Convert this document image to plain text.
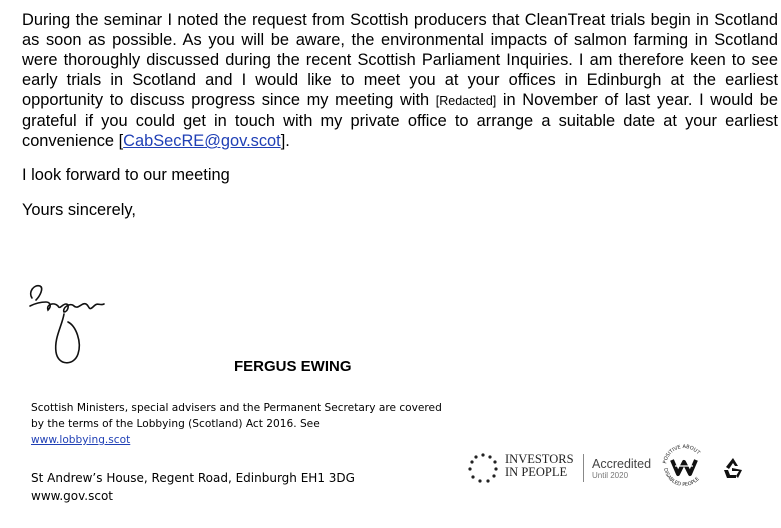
During the seminar I noted the request from Scottish producers that CleanTreat trials begin in Scotland as soon as possible. As you will be aware, the environmental impacts of salmon farming in Scotland were thoroughly discussed during the recent Scottish Parliament Inquiries. I am therefore keen to see early trials in Scotland and I would like to meet you at your offices in Edinburgh at the earliest opportunity to discuss progress since my meeting with [Redacted] in November of last year. I would be grateful if you could get in touch with my private office to arrange a suitable date at your earliest convenience [CabSecRE@gov.scot].

I look forward to our meeting

Yours sincerely,

FERGUS EWING
Scottish Ministers, special advisers and the Permanent Secretary are covered by the terms of the Lobbying (Scotland) Act 2016. See
www.lobbying.scot
St Andrew’s House, Regent Road, Edinburgh EH1 3DG
www.gov.scot
INVESTORS
IN PEOPLE
Accredited
Until 2020
POSITIVE ABOUT
DISABLED PEOPLE
